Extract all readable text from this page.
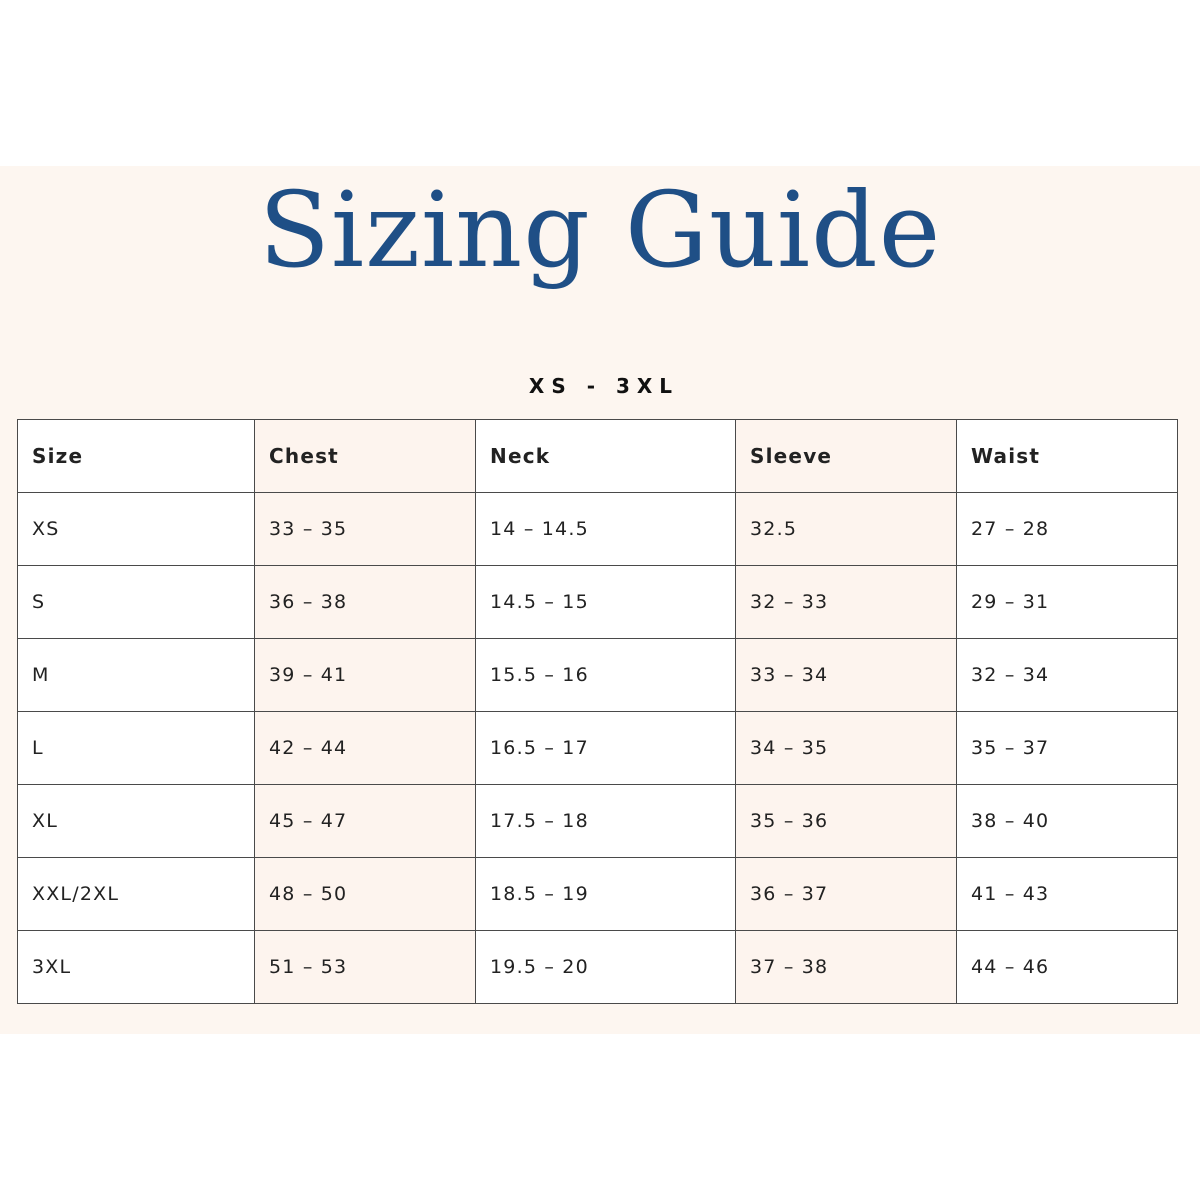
Sizing Guide
XS - 3XL
Size	Chest	Neck	Sleeve	Waist
XS	33 – 35	14 – 14.5	32.5	27 – 28
S	36 – 38	14.5 – 15	32 – 33	29 – 31
M	39 – 41	15.5 – 16	33 – 34	32 – 34
L	42 – 44	16.5 – 17	34 – 35	35 – 37
XL	45 – 47	17.5 – 18	35 – 36	38 – 40
XXL/2XL	48 – 50	18.5 – 19	36 – 37	41 – 43
3XL	51 – 53	19.5 – 20	37 – 38	44 – 46
